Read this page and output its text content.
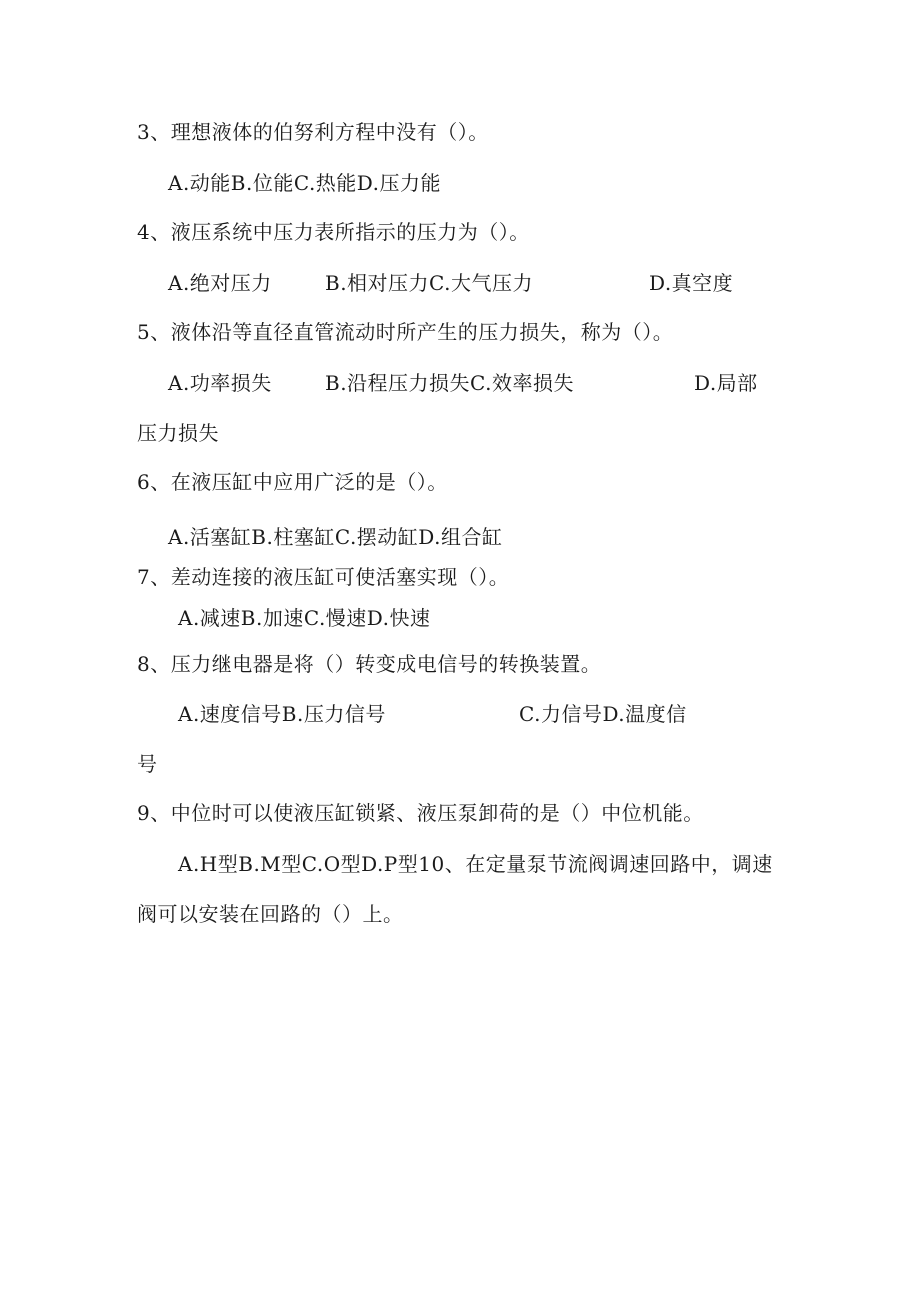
3、理想液体的伯努利方程中没有（）。
A.动能B.位能C.热能D.压力能
4、液压系统中压力表所指示的压力为（）。
A.绝对压力	B.相对压力C.大气压力	D.真空度
5、液体沿等直径直管流动时所产生的压力损失，称为（）。
A.功率损失	B.沿程压力损失C.效率损失	D.局部
压力损失
6、在液压缸中应用广泛的是（）。
A.活塞缸B.柱塞缸C.摆动缸D.组合缸
7、差动连接的液压缸可使活塞实现（）。
A.减速B.加速C.慢速D.快速
8、压力继电器是将（）转变成电信号的转换装置。
A.速度信号B.压力信号	C.力信号D.温度信
号
9、中位时可以使液压缸锁紧、液压泵卸荷的是（）中位机能。
A.H型B.M型C.O型D.P型10、在定量泵节流阀调速回路中，调速
阀可以安装在回路的（）上。
